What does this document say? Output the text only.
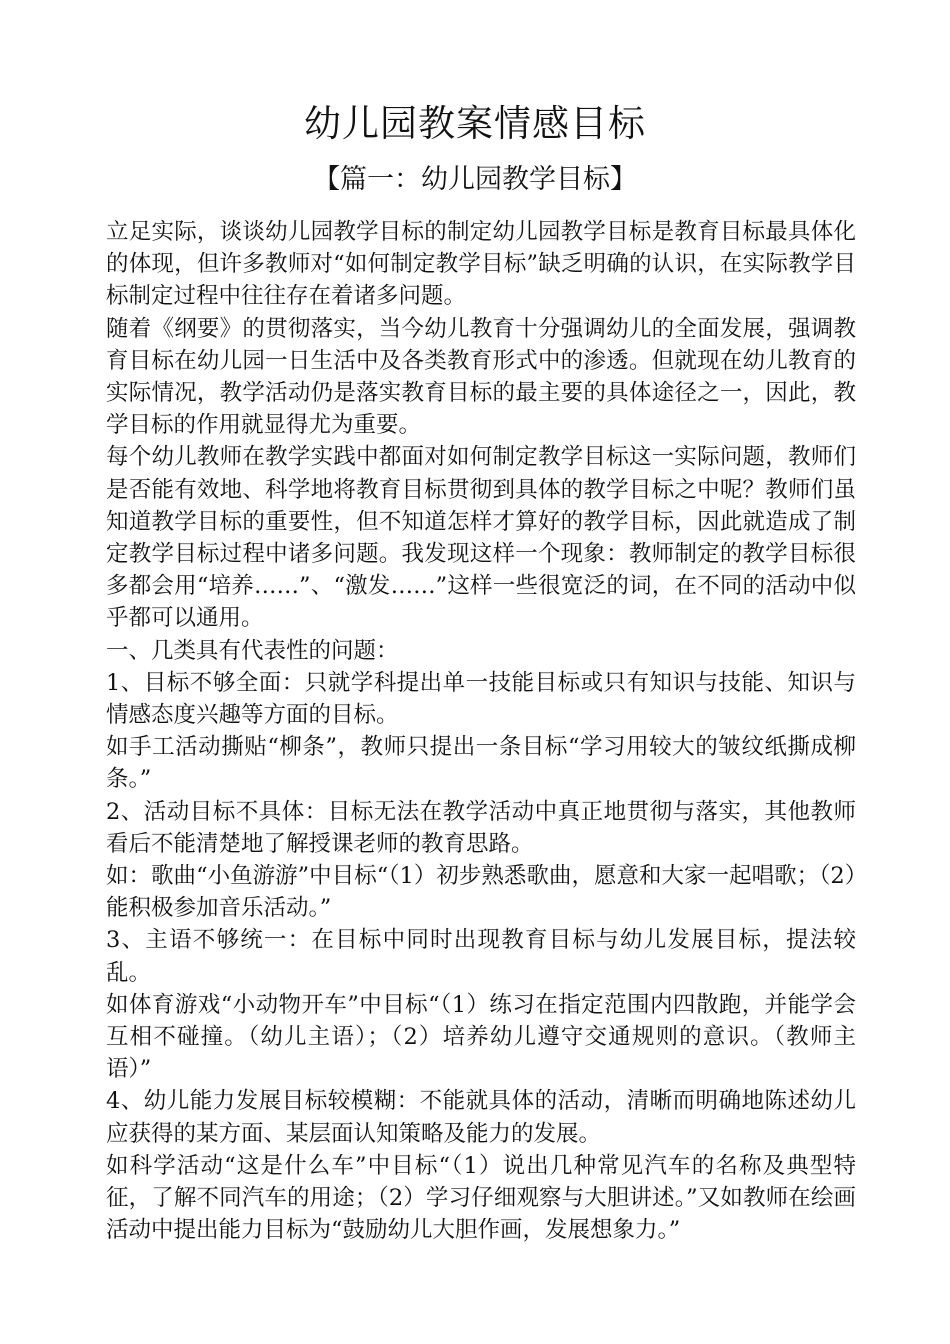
幼儿园教案情感目标
【篇一：幼儿园教学目标】

立足实际，谈谈幼儿园教学目标的制定幼儿园教学目标是教育目标最具体化的体现，但许多教师对“如何制定教学目标”缺乏明确的认识，在实际教学目标制定过程中往往存在着诸多问题。

随着《纲要》的贯彻落实，当今幼儿教育十分强调幼儿的全面发展，强调教育目标在幼儿园一日生活中及各类教育形式中的渗透。但就现在幼儿教育的实际情况，教学活动仍是落实教育目标的最主要的具体途径之一，因此，教学目标的作用就显得尤为重要。

每个幼儿教师在教学实践中都面对如何制定教学目标这一实际问题，教师们是否能有效地、科学地将教育目标贯彻到具体的教学目标之中呢？教师们虽知道教学目标的重要性，但不知道怎样才算好的教学目标，因此就造成了制定教学目标过程中诸多问题。我发现这样一个现象：教师制定的教学目标很多都会用“培养……”、“激发……”这样一些很宽泛的词，在不同的活动中似乎都可以通用。

一、几类具有代表性的问题：

1、目标不够全面：只就学科提出单一技能目标或只有知识与技能、知识与情感态度兴趣等方面的目标。

如手工活动撕贴“柳条”，教师只提出一条目标“学习用较大的皱纹纸撕成柳条。”

2、活动目标不具体：目标无法在教学活动中真正地贯彻与落实，其他教师看后不能清楚地了解授课老师的教育思路。

如：歌曲“小鱼游游”中目标“（1）初步熟悉歌曲，愿意和大家一起唱歌；（2）能积极参加音乐活动。”

3、主语不够统一：在目标中同时出现教育目标与幼儿发展目标，提法较乱。

如体育游戏“小动物开车”中目标“（1）练习在指定范围内四散跑，并能学会互相不碰撞。（幼儿主语）；（2）培养幼儿遵守交通规则的意识。（教师主语）”

4、幼儿能力发展目标较模糊：不能就具体的活动，清晰而明确地陈述幼儿应获得的某方面、某层面认知策略及能力的发展。

如科学活动“这是什么车”中目标“（1）说出几种常见汽车的名称及典型特征，了解不同汽车的用途；（2）学习仔细观察与大胆讲述。”又如教师在绘画活动中提出能力目标为“鼓励幼儿大胆作画，发展想象力。”
